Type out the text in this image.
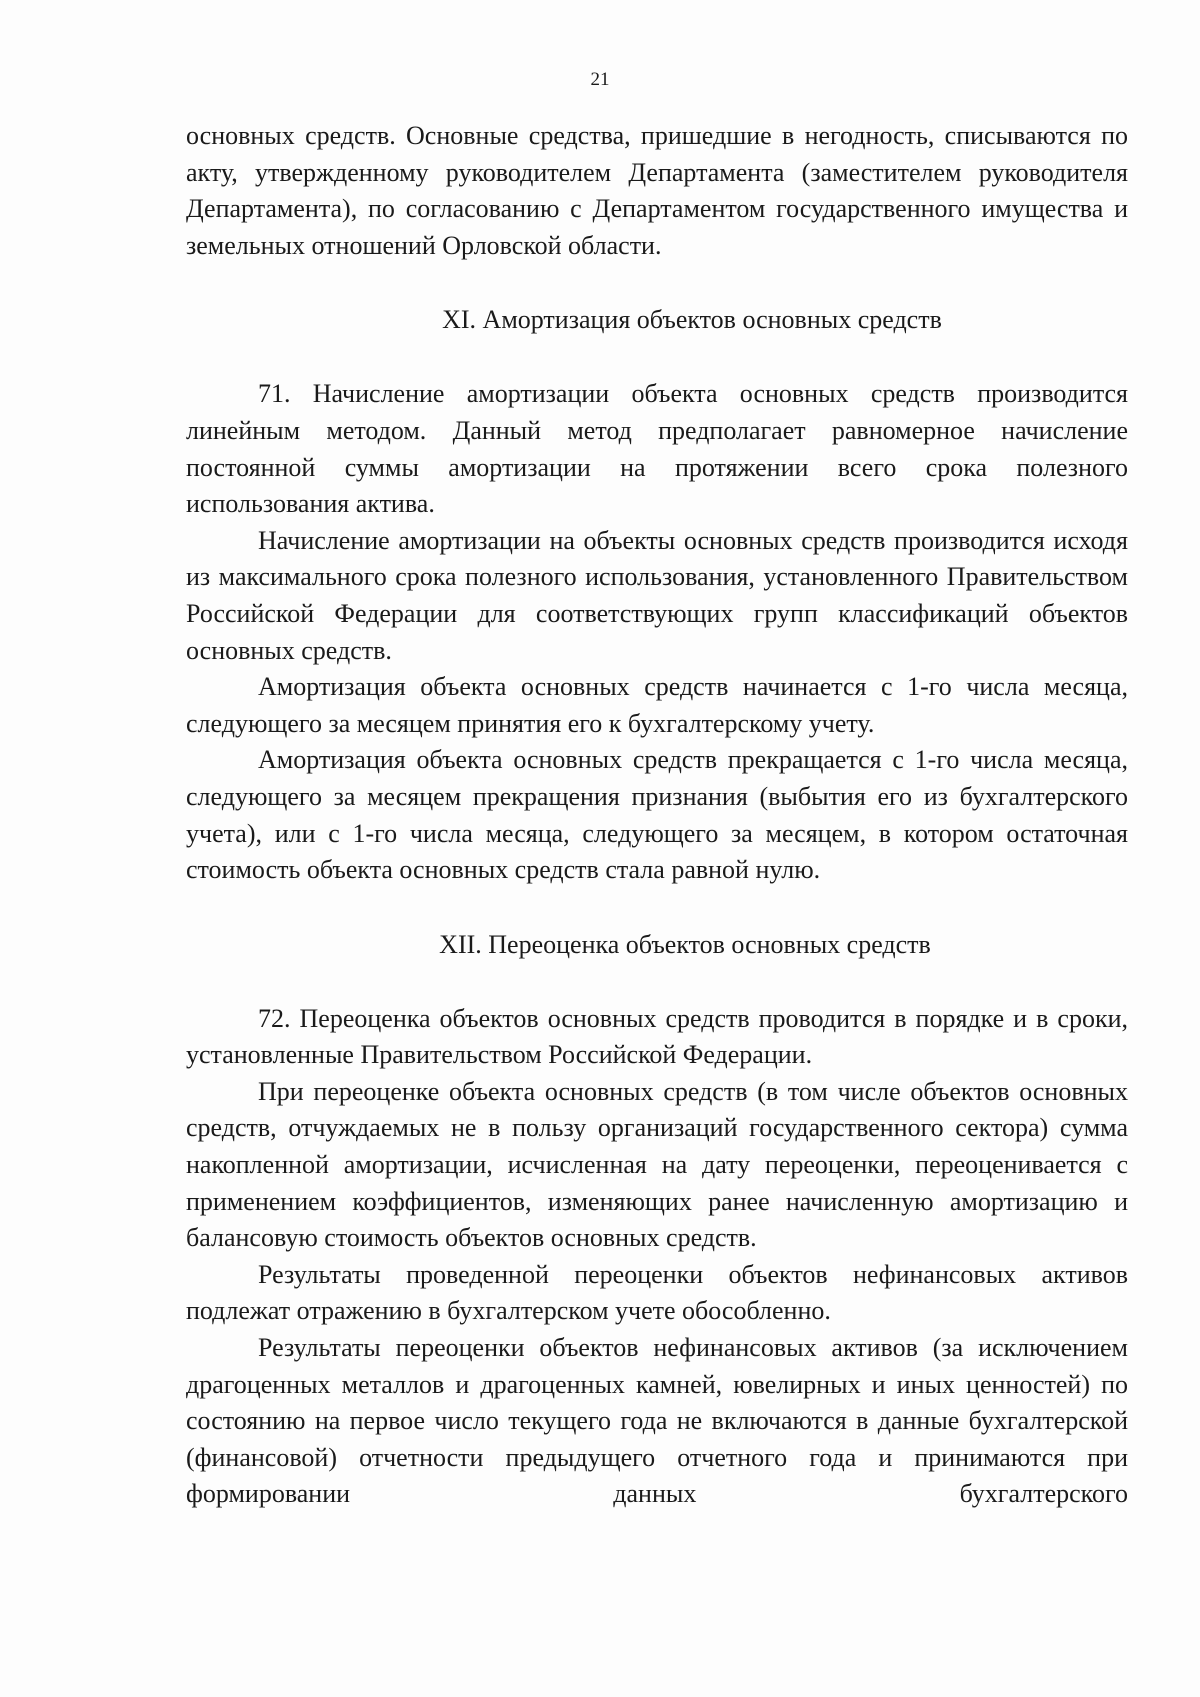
21

основных средств. Основные средства, пришедшие в негодность, списываются по акту, утвержденному руководителем Департамента (заместителем руководителя Департамента), по согласованию с Департаментом государственного имущества и земельных отношений Орловской области.

XI. Амортизация объектов основных средств

71. Начисление амортизации объекта основных средств производится линейным методом. Данный метод предполагает равномерное начисление постоянной суммы амортизации на протяжении всего срока полезного использования актива.

Начисление амортизации на объекты основных средств производится исходя из максимального срока полезного использования, установленного Правительством Российской Федерации для соответствующих групп классификаций объектов основных средств.

Амортизация объекта основных средств начинается с 1-го числа месяца, следующего за месяцем принятия его к бухгалтерскому учету.

Амортизация объекта основных средств прекращается с 1-го числа месяца, следующего за месяцем прекращения признания (выбытия его из бухгалтерского учета), или с 1-го числа месяца, следующего за месяцем, в котором остаточная стоимость объекта основных средств стала равной нулю.

XII. Переоценка объектов основных средств

72. Переоценка объектов основных средств проводится в порядке и в сроки, установленные Правительством Российской Федерации.

При переоценке объекта основных средств (в том числе объектов основных средств, отчуждаемых не в пользу организаций государственного сектора) сумма накопленной амортизации, исчисленная на дату переоценки, переоценивается с применением коэффициентов, изменяющих ранее начисленную амортизацию и балансовую стоимость объектов основных средств.

Результаты проведенной переоценки объектов нефинансовых активов подлежат отражению в бухгалтерском учете обособленно.

Результаты переоценки объектов нефинансовых активов (за исключением драгоценных металлов и драгоценных камней, ювелирных и иных ценностей) по состоянию на первое число текущего года не включаются в данные бухгалтерской (финансовой) отчетности предыдущего отчетного года и принимаются при формировании данных бухгалтерского
